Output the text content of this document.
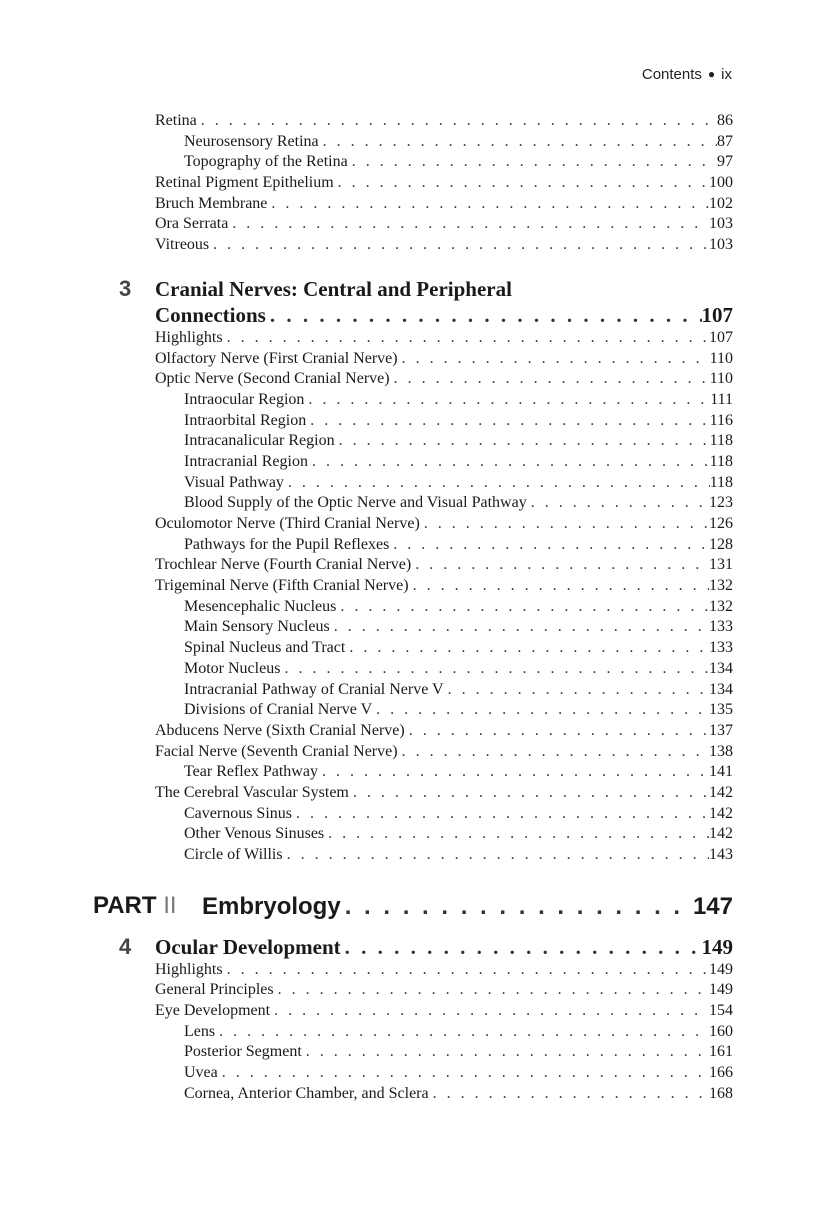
Contents ● ix
Retina . . .	86
Neurosensory Retina . . .	87
Topography of the Retina . . .	97
Retinal Pigment Epithelium . . .	100
Bruch Membrane . . .	102
Ora Serrata . . .	103
Vitreous . . .	103
3 Cranial Nerves: Central and Peripheral
Connections . . .	107
Highlights . . .	107
Olfactory Nerve (First Cranial Nerve) . . .	110
Optic Nerve (Second Cranial Nerve) . . .	110
Intraocular Region . . .	111
Intraorbital Region . . .	116
Intracanalicular Region . . .	118
Intracranial Region . . .	118
Visual Pathway . . .	118
Blood Supply of the Optic Nerve and Visual Pathway . . .	123
Oculomotor Nerve (Third Cranial Nerve) . . .	126
Pathways for the Pupil Reflexes . . .	128
Trochlear Nerve (Fourth Cranial Nerve) . . .	131
Trigeminal Nerve (Fifth Cranial Nerve) . . .	132
Mesencephalic Nucleus . . .	132
Main Sensory Nucleus . . .	133
Spinal Nucleus and Tract . . .	133
Motor Nucleus . . .	134
Intracranial Pathway of Cranial Nerve V . . .	134
Divisions of Cranial Nerve V . . .	135
Abducens Nerve (Sixth Cranial Nerve) . . .	137
Facial Nerve (Seventh Cranial Nerve) . . .	138
Tear Reflex Pathway . . .	141
The Cerebral Vascular System . . .	142
Cavernous Sinus . . .	142
Other Venous Sinuses . . .	142
Circle of Willis . . .	143
PART II	Embryology . . .	147
4 Ocular Development . . .	149
Highlights . . .	149
General Principles . . .	149
Eye Development . . .	154
Lens . . .	160
Posterior Segment . . .	161
Uvea . . .	166
Cornea, Anterior Chamber, and Sclera . . .	168
